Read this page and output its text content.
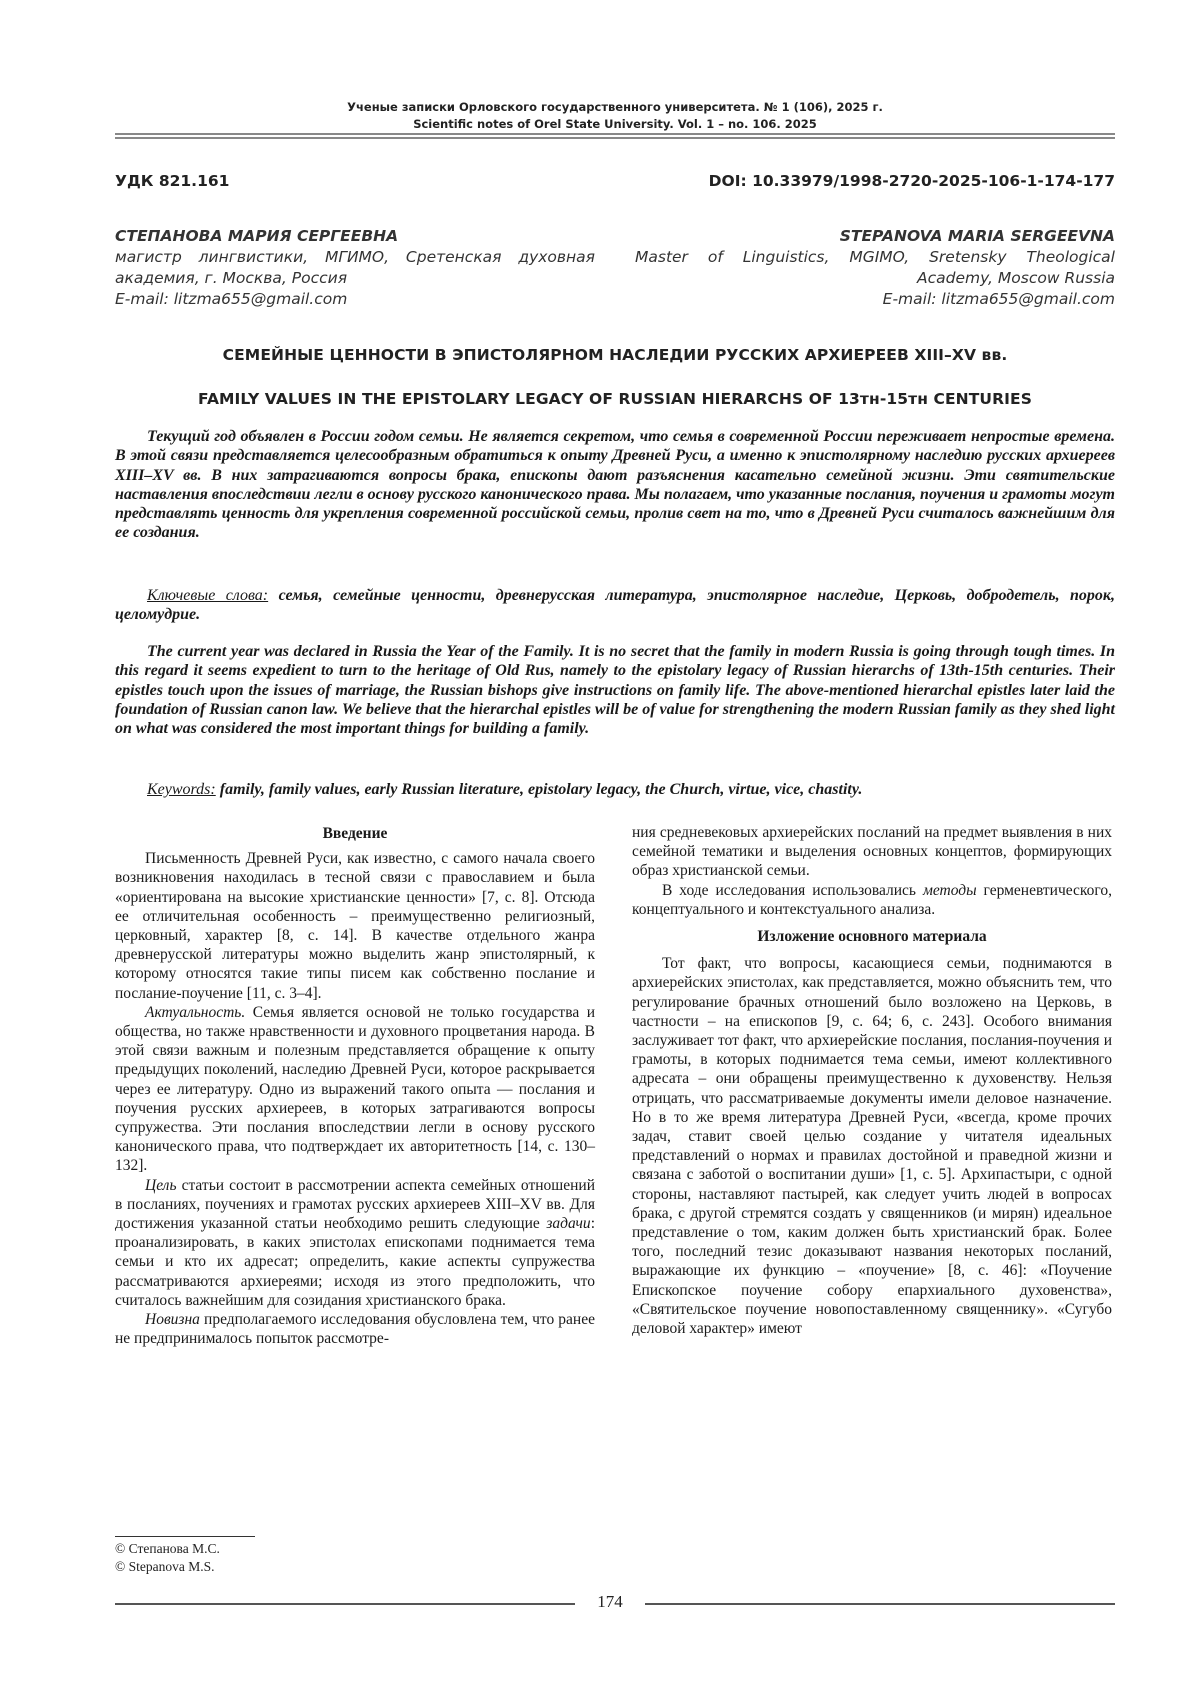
Ученые записки Орловского государственного университета. № 1 (106), 2025 г.
Scientific notes of Orel State University. Vol. 1 – no. 106. 2025
УДК 821.161	DOI: 10.33979/1998-2720-2025-106-1-174-177
СТЕПАНОВА МАРИЯ СЕРГЕЕВНА
магистр лингвистики, МГИМО, Сретенская духовная академия, г. Москва, Россия
E-mail: litzma655@gmail.com
STEPANOVA MARIA SERGEEVNA
Master of Linguistics, MGIMO, Sretensky Theological Academy, Moscow Russia
E-mail: litzma655@gmail.com
СЕМЕЙНЫЕ ЦЕННОСТИ В ЭПИСТОЛЯРНОМ НАСЛЕДИИ РУССКИХ АРХИЕРЕЕВ XIII–XV вв.
FAMILY VALUES IN THE EPISTOLARY LEGACY OF RUSSIAN HIERARCHS OF 13тн-15тн CENTURIES
Текущий год объявлен в России годом семьи. Не является секретом, что семья в современной России переживает непростые времена. В этой связи представляется целесообразным обратиться к опыту Древней Руси, а именно к эпистолярному наследию русских архиереев XIII–XV вв. В них затрагиваются вопросы брака, епископы дают разъяснения касательно семейной жизни. Эти святительские наставления впоследствии легли в основу русского канонического права. Мы полагаем, что указанные послания, поучения и грамоты могут представлять ценность для укрепления современной российской семьи, пролив свет на то, что в Древней Руси считалось важнейшим для ее создания.
Ключевые слова: семья, семейные ценности, древнерусская литература, эпистолярное наследие, Церковь, добродетель, порок, целомудрие.
The current year was declared in Russia the Year of the Family. It is no secret that the family in modern Russia is going through tough times. In this regard it seems expedient to turn to the heritage of Old Rus, namely to the epistolary legacy of Russian hierarchs of 13th-15th centuries. Their epistles touch upon the issues of marriage, the Russian bishops give instructions on family life. The above-mentioned hierarchal epistles later laid the foundation of Russian canon law. We believe that the hierarchal epistles will be of value for strengthening the modern Russian family as they shed light on what was considered the most important things for building a family.
Keywords: family, family values, early Russian literature, epistolary legacy, the Church, virtue, vice, chastity.
Введение

Письменность Древней Руси, как известно, с самого начала своего возникновения находилась в тесной связи с православием и была «ориентирована на высокие христианские ценности» [7, с. 8]. Отсюда ее отличительная особенность – преимущественно религиозный, церковный, характер [8, с. 14]. В качестве отдельного жанра древнерусской литературы можно выделить жанр эпистолярный, к которому относятся такие типы писем как собственно послание и послание-поучение [11, с. 3–4].

Актуальность. Семья является основой не только государства и общества, но также нравственности и духовного процветания народа. В этой связи важным и полезным представляется обращение к опыту предыдущих поколений, наследию Древней Руси, которое раскрывается через ее литературу. Одно из выражений такого опыта — послания и поучения русских архиереев, в которых затрагиваются вопросы супружества. Эти послания впоследствии легли в основу русского канонического права, что подтверждает их авторитетность [14, с. 130–132].

Цель статьи состоит в рассмотрении аспекта семейных отношений в посланиях, поучениях и грамотах русских архиереев XIII–XV вв. Для достижения указанной статьи необходимо решить следующие задачи: проанализировать, в каких эпистолах епископами поднимается тема семьи и кто их адресат; определить, какие аспекты супружества рассматриваются архиереями; исходя из этого предположить, что считалось важнейшим для созидания христианского брака.

Новизна предполагаемого исследования обусловлена тем, что ранее не предпринималось попыток рассмотре-

ния средневековых архиерейских посланий на предмет выявления в них семейной тематики и выделения основных концептов, формирующих образ христианской семьи.

В ходе исследования использовались методы герменевтического, концептуального и контекстуального анализа.

Изложение основного материала

Тот факт, что вопросы, касающиеся семьи, поднимаются в архиерейских эпистолах, как представляется, можно объяснить тем, что регулирование брачных отношений было возложено на Церковь, в частности – на епископов [9, с. 64; 6, с. 243]. Особого внимания заслуживает тот факт, что архиерейские послания, послания-поучения и грамоты, в которых поднимается тема семьи, имеют коллективного адресата – они обращены преимущественно к духовенству. Нельзя отрицать, что рассматриваемые документы имели деловое назначение. Но в то же время литература Древней Руси, «всегда, кроме прочих задач, ставит своей целью создание у читателя идеальных представлений о нормах и правилах достойной и праведной жизни и связана с заботой о воспитании души» [1, с. 5]. Архипастыри, с одной стороны, наставляют пастырей, как следует учить людей в вопросах брака, с другой стремятся создать у священников (и мирян) идеальное представление о том, каким должен быть христианский брак. Более того, последний тезис доказывают названия некоторых посланий, выражающие их функцию – «поучение» [8, с. 46]: «Поучение Епископское поучение собору епархиального духовенства», «Святительское поучение новопоставленному священнику». «Сугубо деловой характер» имеют

© Степанова М.С.
© Stepanova M.S.
174
